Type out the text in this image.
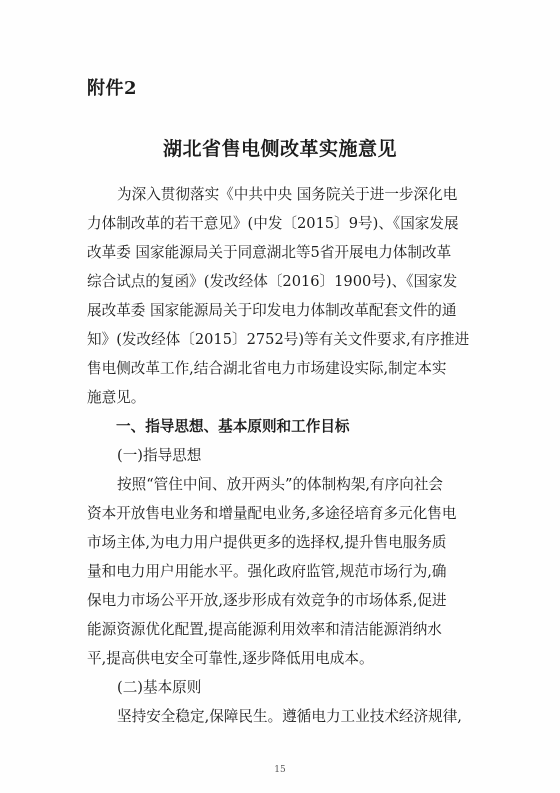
附件2
湖北省售电侧改革实施意见
为深入贯彻落实《中共中央 国务院关于进一步深化电
力体制改革的若干意见》(中发〔2015〕9号)、《国家发展
改革委 国家能源局关于同意湖北等5省开展电力体制改革
综合试点的复函》(发改经体〔2016〕1900号)、《国家发
展改革委 国家能源局关于印发电力体制改革配套文件的通
知》(发改经体〔2015〕2752号)等有关文件要求,有序推进
售电侧改革工作,结合湖北省电力市场建设实际,制定本实
施意见。
一、指导思想、基本原则和工作目标
(一)指导思想
按照“管住中间、放开两头”的体制构架,有序向社会
资本开放售电业务和增量配电业务,多途径培育多元化售电
市场主体,为电力用户提供更多的选择权,提升售电服务质
量和电力用户用能水平。强化政府监管,规范市场行为,确
保电力市场公平开放,逐步形成有效竞争的市场体系,促进
能源资源优化配置,提高能源利用效率和清洁能源消纳水
平,提高供电安全可靠性,逐步降低用电成本。
(二)基本原则
坚持安全稳定,保障民生。遵循电力工业技术经济规律,
15
